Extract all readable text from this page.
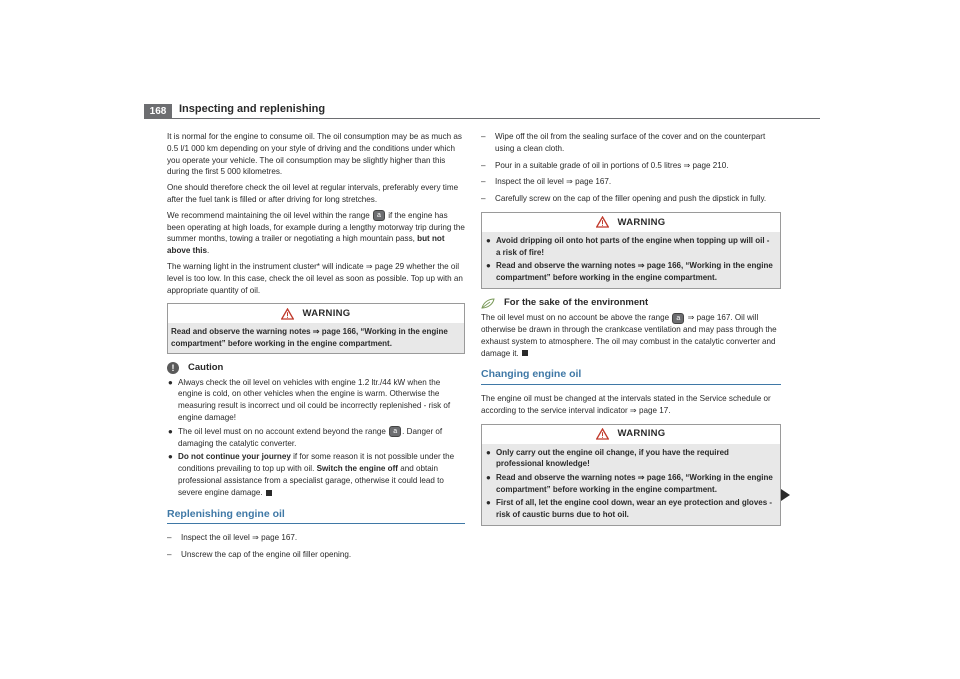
168	Inspecting and replenishing

It is normal for the engine to consume oil. The oil consumption may be as much as 0.5 l/1 000 km depending on your style of driving and the conditions under which you operate your vehicle. The oil consumption may be slightly higher than this during the first 5 000 kilometres.

One should therefore check the oil level at regular intervals, preferably every time after the fuel tank is filled or after driving for long stretches.

We recommend maintaining the oil level within the range a if the engine has been operating at high loads, for example during a lengthy motorway trip during the summer months, towing a trailer or negotiating a high mountain pass, but not above this.

The warning light in the instrument cluster* will indicate ⇒ page 29 whether the oil level is too low. In this case, check the oil level as soon as possible. Top up with an appropriate quantity of oil.

WARNING
Read and observe the warning notes ⇒ page 166, “Working in the engine compartment” before working in the engine compartment.
!	Caution
● Always check the oil level on vehicles with engine 1.2 ltr./44 kW when the engine is cold, on other vehicles when the engine is warm. Otherwise the measuring result is incorrect und oil could be incorrectly replenished - risk of engine damage!
● The oil level must on no account extend beyond the range a . Danger of damaging the catalytic converter.
● Do not continue your journey if for some reason it is not possible under the conditions prevailing to top up with oil. Switch the engine off and obtain professional assistance from a specialist garage, otherwise it could lead to severe engine damage.
Replenishing engine oil
– Inspect the oil level ⇒ page 167.
– Unscrew the cap of the engine oil filler opening.
– Wipe off the oil from the sealing surface of the cover and on the counterpart using a clean cloth.
– Pour in a suitable grade of oil in portions of 0.5 litres ⇒ page 210.
– Inspect the oil level ⇒ page 167.
– Carefully screw on the cap of the filler opening and push the dipstick in fully.
WARNING
● Avoid dripping oil onto hot parts of the engine when topping up will oil - a risk of fire!
● Read and observe the warning notes ⇒ page 166, “Working in the engine compartment” before working in the engine compartment.
For the sake of the environment

The oil level must on no account be above the range a ⇒ page 167. Oil will otherwise be drawn in through the crankcase ventilation and may pass through the exhaust system to atmosphere. The oil may combust in the catalytic converter and damage it.

Changing engine oil

The engine oil must be changed at the intervals stated in the Service schedule or according to the service interval indicator ⇒ page 17.

WARNING
● Only carry out the engine oil change, if you have the required professional knowledge!
● Read and observe the warning notes ⇒ page 166, “Working in the engine compartment” before working in the engine compartment.
● First of all, let the engine cool down, wear an eye protection and gloves - risk of caustic burns due to hot oil.
